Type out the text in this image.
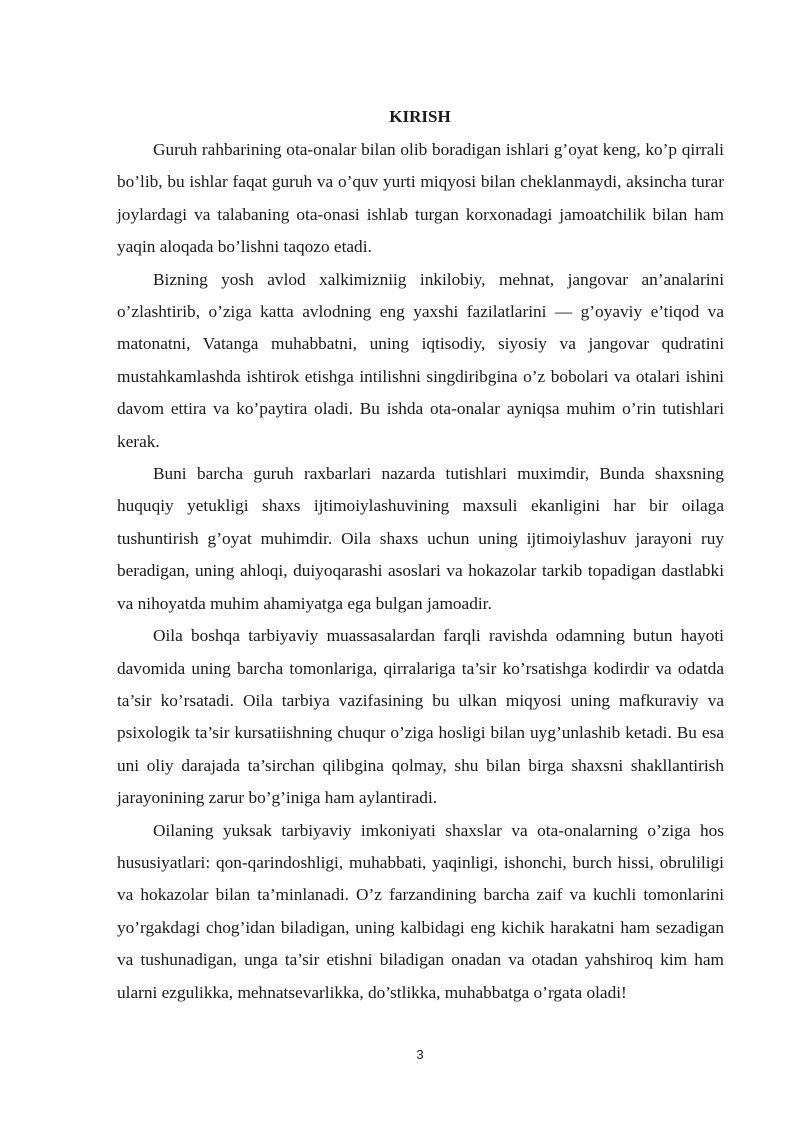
KIRISH

Guruh rahbarining ota-onalar bilan olib boradigan ishlari g’oyat keng, ko’p qirrali bo’lib, bu ishlar faqat guruh va o’quv yurti miqyosi bilan cheklanmaydi, aksincha turar joylardagi va talabaning ota-onasi ishlab turgan korxonadagi jamoatchilik bilan ham yaqin aloqada bo’lishni taqozo etadi.

Bizning yosh avlod xalkimizniig inkilobiy, mehnat, jangovar an’analarini o’zlashtirib, o’ziga katta avlodning eng yaxshi fazilatlarini — g’oyaviy e’tiqod va matonatni, Vatanga muhabbatni, uning iqtisodiy, siyosiy va jangovar qudratini mustahkamlashda ishtirok etishga intilishni singdiribgina o’z bobolari va otalari ishini davom ettira va ko’paytira oladi. Bu ishda ota-onalar ayniqsa muhim o’rin tutishlari kerak.

Buni barcha guruh raxbarlari nazarda tutishlari muximdir, Bunda shaxsning huquqiy yetukligi shaxs ijtimoiylashuvining maxsuli ekanligini har bir oilaga tushuntirish g’oyat muhimdir. Oila shaxs uchun uning ijtimoiylashuv jarayoni ruy beradigan, uning ahloqi, duiyoqarashi asoslari va hokazolar tarkib topadigan dastlabki va nihoyatda muhim ahamiyatga ega bulgan jamoadir.

Oila boshqa tarbiyaviy muassasalardan farqli ravishda odamning butun hayoti davomida uning barcha tomonlariga, qirralariga ta’sir ko’rsatishga kodirdir va odatda ta’sir ko’rsatadi. Oila tarbiya vazifasining bu ulkan miqyosi uning mafkuraviy va psixologik ta’sir kursatiishning chuqur o’ziga hosligi bilan uyg’unlashib ketadi. Bu esa uni oliy darajada ta’sirchan qilibgina qolmay, shu bilan birga shaxsni shakllantirish jarayonining zarur bo’g’iniga ham aylantiradi.

Oilaning yuksak tarbiyaviy imkoniyati shaxslar va ota-onalarning o’ziga hos hususiyatlari: qon-qarindoshligi, muhabbati, yaqinligi, ishonchi, burch hissi, obruliligi va hokazolar bilan ta’minlanadi. O’z farzandining barcha zaif va kuchli tomonlarini yo’rgakdagi chog’idan biladigan, uning kalbidagi eng kichik harakatni ham sezadigan va tushunadigan, unga ta’sir etishni biladigan onadan va otadan yahshiroq kim ham ularni ezgulikka, mehnatsevarlikka, do’stlikka, muhabbatga o’rgata oladi!

3
